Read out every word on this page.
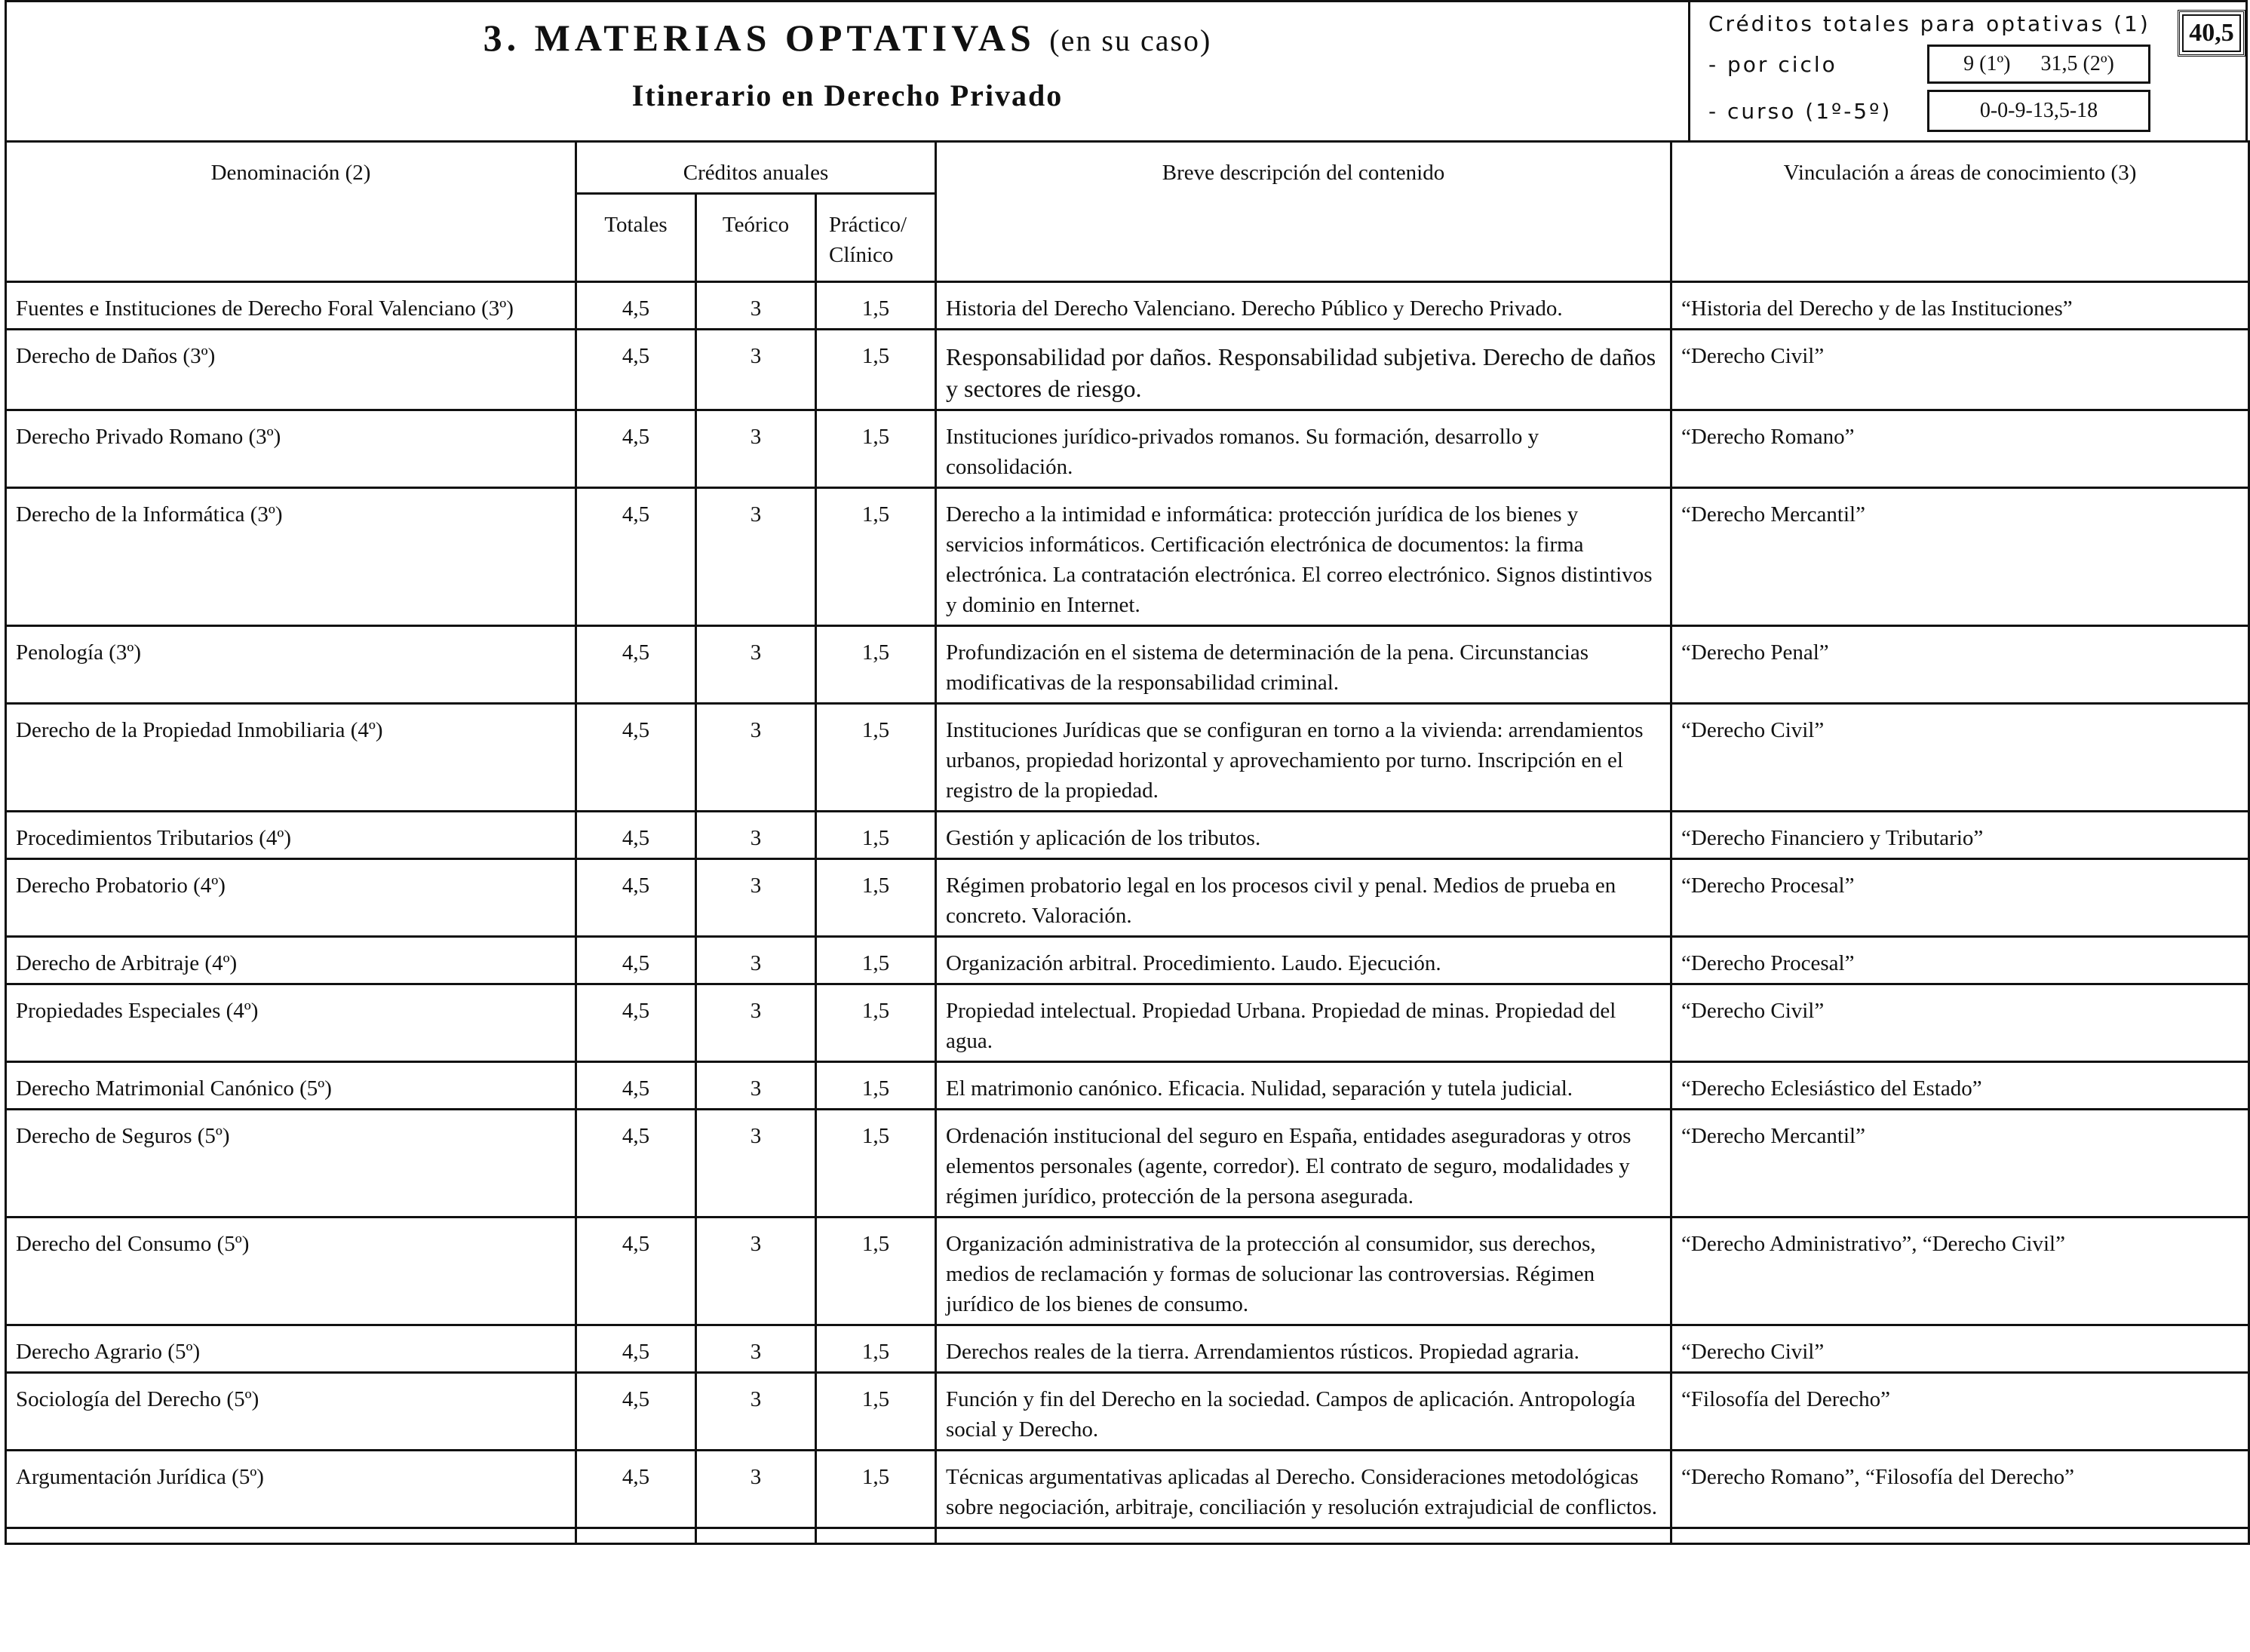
3. MATERIAS OPTATIVAS (en su caso)
Itinerario en Derecho Privado
Créditos totales para optativas (1)	40,5
- por ciclo	9 (1º) 31,5 (2º)
- curso (1º-5º)	0-0-9-13,5-18
Denominación (2)	Créditos anuales			Breve descripción del contenido	Vinculación a áreas de conocimiento (3)
	Totales	Teórico	Práctico/ Clínico		
Fuentes e Instituciones de Derecho Foral Valenciano (3º)	4,5	3	1,5	Historia del Derecho Valenciano. Derecho Público y Derecho Privado.	“Historia del Derecho y de las Instituciones”
Derecho de Daños (3º)	4,5	3	1,5	Responsabilidad por daños. Responsabilidad subjetiva. Derecho de daños y sectores de riesgo.	“Derecho Civil”
Derecho Privado Romano (3º)	4,5	3	1,5	Instituciones jurídico-privados romanos. Su formación, desarrollo y consolidación.	“Derecho Romano”
Derecho de la Informática (3º)	4,5	3	1,5	Derecho a la intimidad e informática: protección jurídica de los bienes y servicios informáticos. Certificación electrónica de documentos: la firma electrónica. La contratación electrónica. El correo electrónico. Signos distintivos y dominio en Internet.	“Derecho Mercantil”
Penología (3º)	4,5	3	1,5	Profundización en el sistema de determinación de la pena. Circunstancias modificativas de la responsabilidad criminal.	“Derecho Penal”
Derecho de la Propiedad Inmobiliaria (4º)	4,5	3	1,5	Instituciones Jurídicas que se configuran en torno a la vivienda: arrendamientos urbanos, propiedad horizontal y aprovechamiento por turno. Inscripción en el registro de la propiedad.	“Derecho Civil”
Procedimientos Tributarios (4º)	4,5	3	1,5	Gestión y aplicación de los tributos.	“Derecho Financiero y Tributario”
Derecho Probatorio (4º)	4,5	3	1,5	Régimen probatorio legal en los procesos civil y penal. Medios de prueba en concreto. Valoración.	“Derecho Procesal”
Derecho de Arbitraje (4º)	4,5	3	1,5	Organización arbitral. Procedimiento. Laudo. Ejecución.	“Derecho Procesal”
Propiedades Especiales (4º)	4,5	3	1,5	Propiedad intelectual. Propiedad Urbana. Propiedad de minas. Propiedad del agua.	“Derecho Civil”
Derecho Matrimonial Canónico (5º)	4,5	3	1,5	El matrimonio canónico. Eficacia. Nulidad, separación y tutela judicial.	“Derecho Eclesiástico del Estado”
Derecho de Seguros (5º)	4,5	3	1,5	Ordenación institucional del seguro en España, entidades aseguradoras y otros elementos personales (agente, corredor). El contrato de seguro, modalidades y régimen jurídico, protección de la persona asegurada.	“Derecho Mercantil”
Derecho del Consumo (5º)	4,5	3	1,5	Organización administrativa de la protección al consumidor, sus derechos, medios de reclamación y formas de solucionar las controversias. Régimen jurídico de los bienes de consumo.	“Derecho Administrativo”, “Derecho Civil”
Derecho Agrario (5º)	4,5	3	1,5	Derechos reales de la tierra. Arrendamientos rústicos. Propiedad agraria.	“Derecho Civil”
Sociología del Derecho (5º)	4,5	3	1,5	Función y fin del Derecho en la sociedad. Campos de aplicación. Antropología social y Derecho.	“Filosofía del Derecho”
Argumentación Jurídica (5º)	4,5	3	1,5	Técnicas argumentativas aplicadas al Derecho. Consideraciones metodológicas sobre negociación, arbitraje, conciliación y resolución extrajudicial de conflictos.	“Derecho Romano”, “Filosofía del Derecho”
